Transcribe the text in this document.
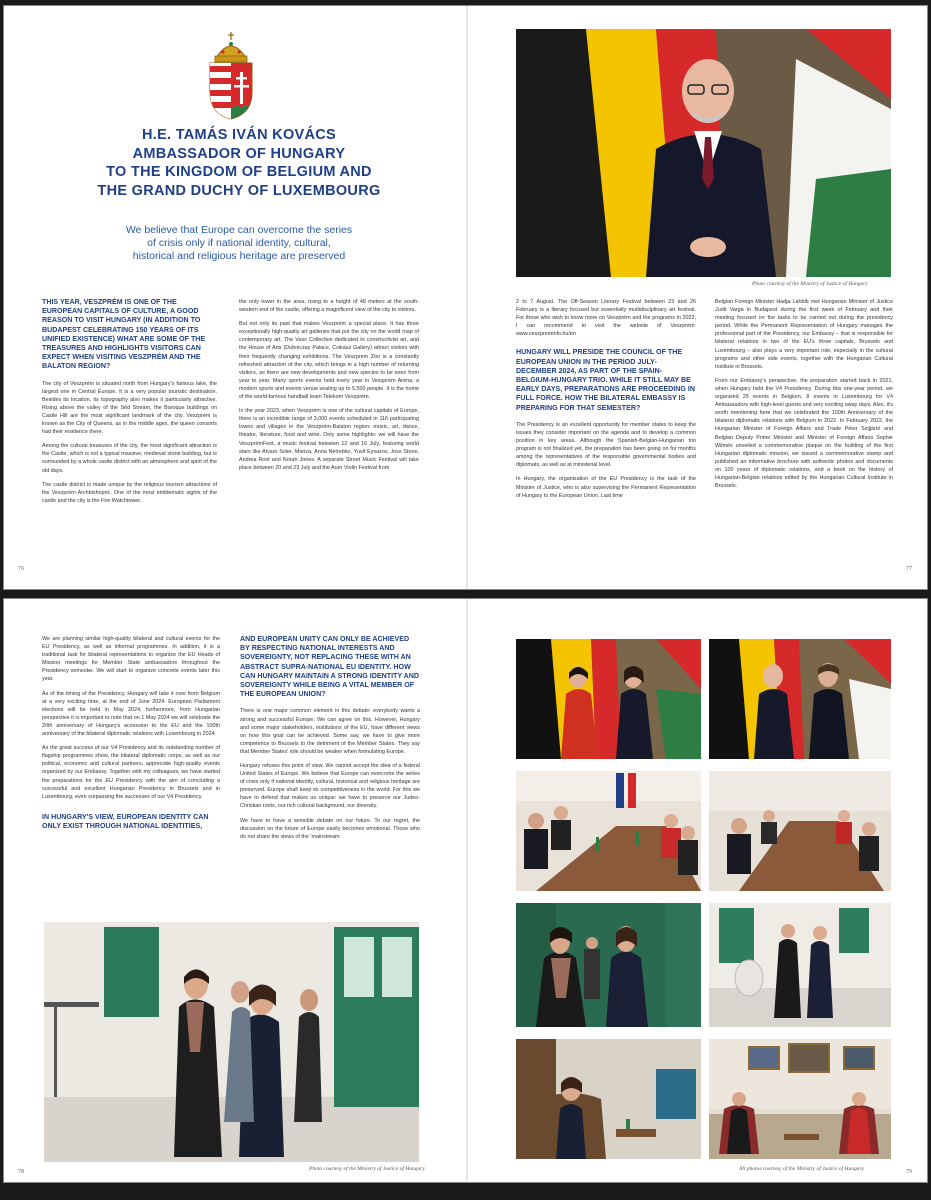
H.E. TAMÁS IVÁN KOVÁCS
AMBASSADOR OF HUNGARY
TO THE KINGDOM OF BELGIUM AND
THE GRAND DUCHY OF LUXEMBOURG
We believe that Europe can overcome the series
of crisis only if national identity, cultural,
historical and religious heritage are preserved
THIS YEAR, VESZPRÉM IS ONE OF THE EUROPEAN CAPITALS OF CULTURE, A GOOD REASON TO VISIT HUNGARY (IN ADDITION TO BUDAPEST CELEBRATING 150 YEARS OF ITS UNIFIED EXISTENCE) WHAT ARE SOME OF THE TREASURES AND HIGHLIGHTS VISITORS CAN EXPECT WHEN VISITING VESZPRÉM AND THE BALATON REGION?

The city of Veszprém is situated north from Hungary's famous lake, the largest one in Central Europe. It is a very popular touristic destination. Besides its location, its topography also makes it particularly attractive. Rising above the valley of the Séd Stream, the Baroque buildings on Castle Hill are the most significant landmark of the city. Veszprém is known as the City of Queens, as in the middle ages, the queen consorts had their residence there.

Among the cultural treasures of the city, the most significant attraction is the Castle, which is not a typical massive, medieval stone building, but is surrounded by a whole castle district with an atmosphere and spirit of the old days.

The castle district is made unique by the religious tourism attractions of the Veszprém Archbishopric. One of the most emblematic sights of the castle and the city is the Fire Watchtower,

the only tower in the area, rising to a height of 48 meters at the south-western end of the castle, offering a magnificent view of the city to visitors.

But not only its past that makes Veszprém a special place. It has three exceptionally high-quality art galleries that put the city on the world map of contemporary art. The Vass Collection dedicated to constructivist art, and the House of Arts (Dubniczay Palace, Csikász Gallery) attract visitors with their frequently changing exhibitions. The Veszprém Zoo is a constantly refreshed attraction of the city, which brings in a high number of returning visitors, as there are new developments and new species to be seen from year to year. Many sports events held every year in Veszprém Aréna, a modern sports and events venue seating up to 5,500 people. It is the home of the world-famous handball team Telekom Veszprém.

In the year 2023, when Veszprém is one of the cultural capitals of Europe, there is an incredible range of 3,000 events scheduled in 116 participating towns and villages in the Veszprém-Balaton region: music, art, dance, theatre, literature, food and wine. Only some highlights: we will have the VeszprémFest, a music festival between 12 and 16 July, featuring world stars like Alvaro Soler, Mariza, Anna Netrebko, Yusif Eyvazov, Joss Stone, Andrea Rost and Norah Jones. A separate Street Music Festival will take place between 20 and 23 July and the Auer Violin Festival from

76
Photo courtesy of the Ministry of Justice of Hungary

2 to 7 August. The Off-Season Literary Festival between 23 and 26 February is a literary focused but essentially multidisciplinary art festival. For those who wish to know more on Veszprém and the programs in 2023, I can recommend to visit the website of Veszprém: www.veszpreminfo.hu/en

HUNGARY WILL PRESIDE THE COUNCIL OF THE EUROPEAN UNION IN THE PERIOD JULY-DECEMBER 2024, AS PART OF THE SPAIN-BELGIUM-HUNGARY TRIO. WHILE IT STILL MAY BE EARLY DAYS, PREPARATIONS ARE PROCEEDING IN FULL FORCE. HOW THE BILATERAL EMBASSY IS PREPARING FOR THAT SEMESTER?

The Presidency is an excellent opportunity for member states to keep the issues they consider important on the agenda and to develop a common position in key areas. Although the Spanish-Belgian-Hungarian trio program is not finalized yet, the preparation has been going on for months among the representatives of the responsible governmental bodies and diplomats, as well as at ministerial level.

In Hungary, the organization of the EU Presidency is the task of the Minister of Justice, who is also supervising the Permanent Representation of Hungary to the European Union. Last time

Belgian Foreign Minister Hadja Lahbib met Hungarian Minister of Justice Judit Varga in Budapest during the first week of February and their meeting focused on the tasks to be carried out during the presidency period. While the Permanent Representation of Hungary manages the professional part of the Presidency, our Embassy – that is responsible for bilateral relations in two of the EU's three capitals, Brussels and Luxembourg – also plays a very important role, especially in the cultural programs and other side events, together with the Hungarian Cultural Institute in Brussels.

From our Embassy's perspective, the preparation started back in 2021, when Hungary held the V4 Presidency. During this one-year period, we organized 25 events in Belgium, 8 events in Luxembourg for V4 Ambassadors with high-level guests and very exciting away days. Also, it's worth mentioning here that we celebrated the 100th Anniversary of the bilateral diplomatic relations with Belgium in 2022. In February 2022, the Hungarian Minister of Foreign Affairs and Trade Péter Szijjártó and Belgian Deputy Prime Minister and Minister of Foreign Affairs Sophie Wilmès unveiled a commemorative plaque on the building of the first Hungarian diplomatic mission, we issued a commemorative stamp and published an informative brochure with authentic photos and documents on 100 years of diplomatic relations, and a book on the history of Hungarian-Belgian relations edited by the Hungarian Cultural Institute in Brussels.

77

We are planning similar high-quality bilateral and cultural events for the EU Presidency, as well as informal programmes. In addition, it is a traditional task for bilateral representations to organize the EU Heads of Mission meetings for Member State ambassadors throughout the Presidency semester. We will start to organize concrete events later this year.

As of the timing of the Presidency, Hungary will take it over from Belgium at a very exciting time, at the end of June 2024. European Parliament elections will be held in May 2024, furthermore, from Hungarian perspective it is important to note that on 1 May 2024 we will celebrate the 20th anniversary of Hungary's accession to the EU and the 100th anniversary of the bilateral diplomatic relations with Luxembourg in 2024.

As the great success of our V4 Presidency and its outstanding number of flagship programmes show, the bilateral diplomatic corps, as well as our political, economic and cultural partners, appreciate high-quality events organized by our Embassy. Together with my colleagues, we have started the preparations for the EU Presidency with the aim of concluding a successful and excellent Hungarian Presidency in Brussels and in Luxembourg, even surpassing the successes of our V4 Presidency.

IN HUNGARY'S VIEW, EUROPEAN IDENTITY CAN ONLY EXIST THROUGH NATIONAL IDENTITIES,
AND EUROPEAN UNITY CAN ONLY BE ACHIEVED BY RESPECTING NATIONAL INTERESTS AND SOVEREIGNTY, NOT REPLACING THESE WITH AN ABSTRACT SUPRA-NATIONAL EU IDENTITY. HOW CAN HUNGARY MAINTAIN A STRONG IDENTITY AND SOVEREIGNTY WHILE BEING A VITAL MEMBER OF THE EUROPEAN UNION?

There is one major common element in this debate: everybody wants a strong and successful Europe. We can agree on this. However, Hungary and some major stakeholders, institutions of the EU, have different views on how this goal can be achieved. Some say, we have to give more competence to Brussels to the detriment of the Member States. They say that Member States' role should be weaker when formulating Europe.

Hungary refuses this point of view. We cannot accept the idea of a federal United States of Europe. We believe that Europe can overcome the series of crisis only if national identity, cultural, historical and religious heritage are preserved. Europe shall keep its competitiveness in the world. For this we have to defend that makes us unique: we have to preserve our Judeo-Christian roots, our rich cultural background, our diversity.

We have to have a sensible debate on our future. To our regret, the discussion on the future of Europe easily becomes emotional. Those who do not share the views of the 'mainstream

Photo courtesy of the Ministry of Justice of Hungary
78	All photos courtesy of the Ministry of Justice of Hungary	79
